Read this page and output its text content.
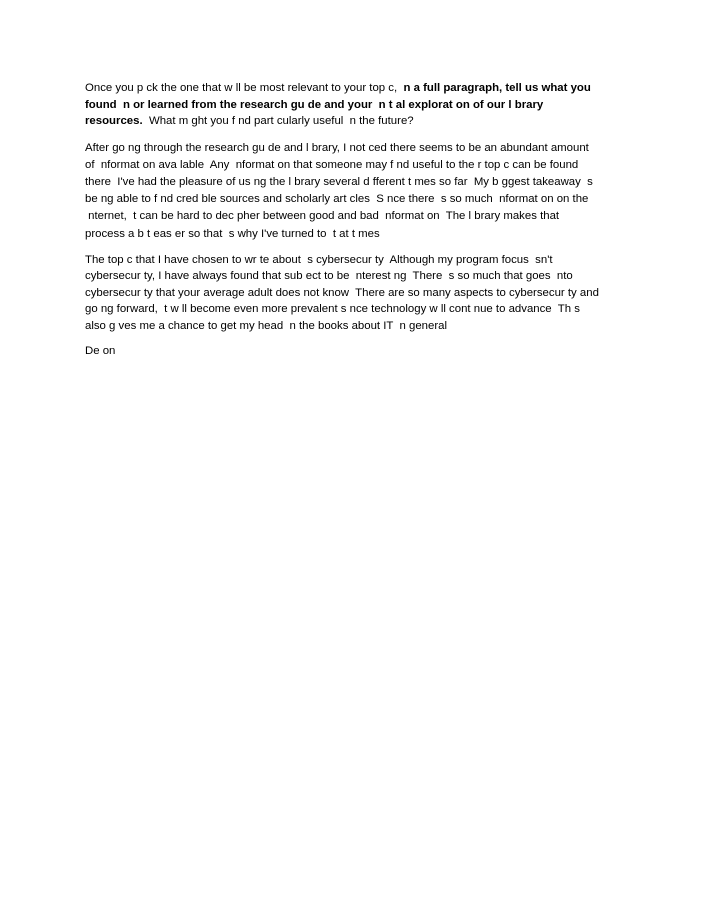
Once you p ck the one that w ll be most relevant to your top c,  n a full paragraph, tell us what you
found  n or learned from the research gu de and your  n t al explorat on of our l brary
resources.  What m ght you f nd part cularly useful  n the future?

After go ng through the research gu de and l brary, I not ced there seems to be an abundant amount
of  nformat on ava lable  Any  nformat on that someone may f nd useful to the r top c can be found
there  I've had the pleasure of us ng the l brary several d fferent t mes so far  My b ggest takeaway  s
be ng able to f nd cred ble sources and scholarly art cles  S nce there  s so much  nformat on on the
nternet,  t can be hard to dec pher between good and bad  nformat on  The l brary makes that
process a b t eas er so that  s why I've turned to  t at t mes

The top c that I have chosen to wr te about  s cybersecur ty  Although my program focus  sn't
cybersecur ty, I have always found that sub ect to be  nterest ng  There  s so much that goes  nto
cybersecur ty that your average adult does not know  There are so many aspects to cybersecur ty and
go ng forward,  t w ll become even more prevalent s nce technology w ll cont nue to advance  Th s
also g ves me a chance to get my head  n the books about IT  n general

De on
